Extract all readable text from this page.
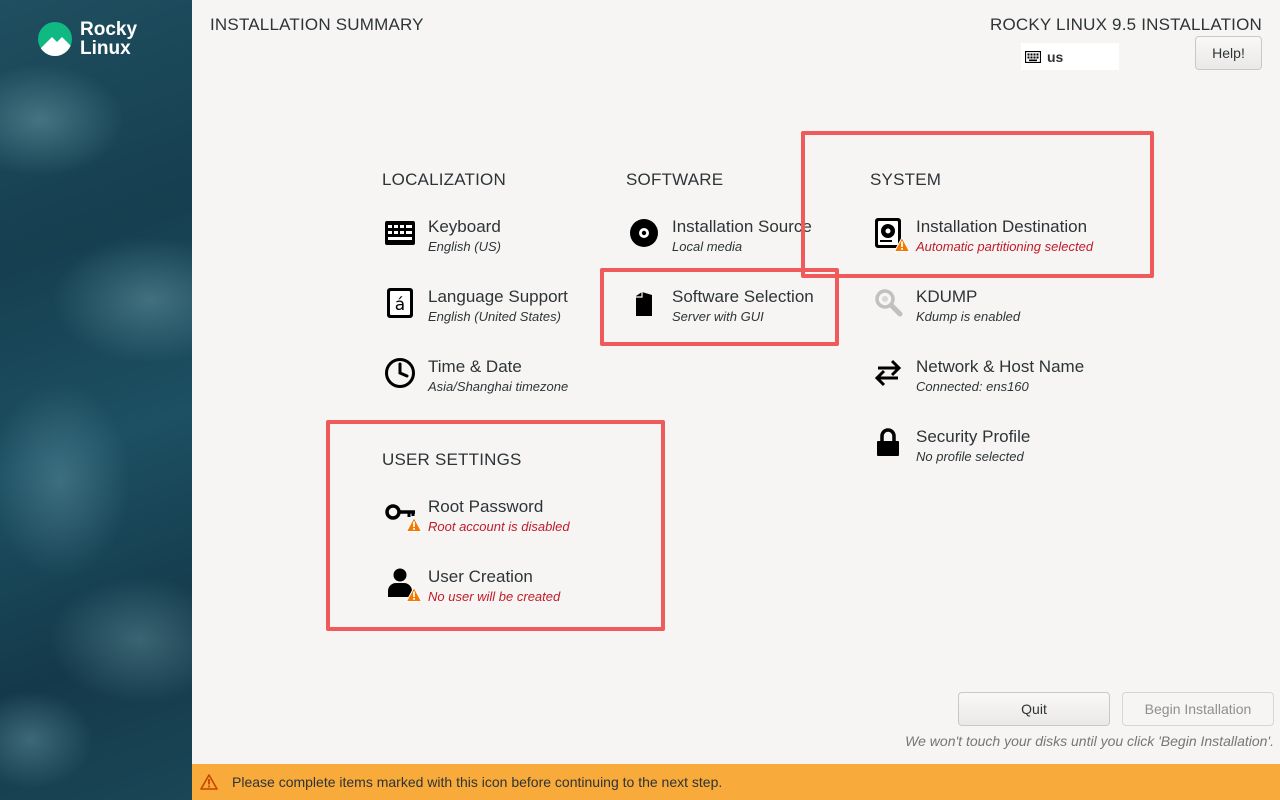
Rocky
Linux
INSTALLATION SUMMARY	ROCKY LINUX 9.5 INSTALLATION
us	Help!
LOCALIZATION
Keyboard
English (US)
á Language Support
English (United States)
Time & Date
Asia/Shanghai timezone
SOFTWARE
Installation Source
Local media
Software Selection
Server with GUI
SYSTEM
Installation Destination
Automatic partitioning selected
KDUMP
Kdump is enabled
Network & Host Name
Connected: ens160
Security Profile
No profile selected
USER SETTINGS
Root Password
Root account is disabled
User Creation
No user will be created
Quit	Begin Installation
We won't touch your disks until you click 'Begin Installation'.
Please complete items marked with this icon before continuing to the next step.
